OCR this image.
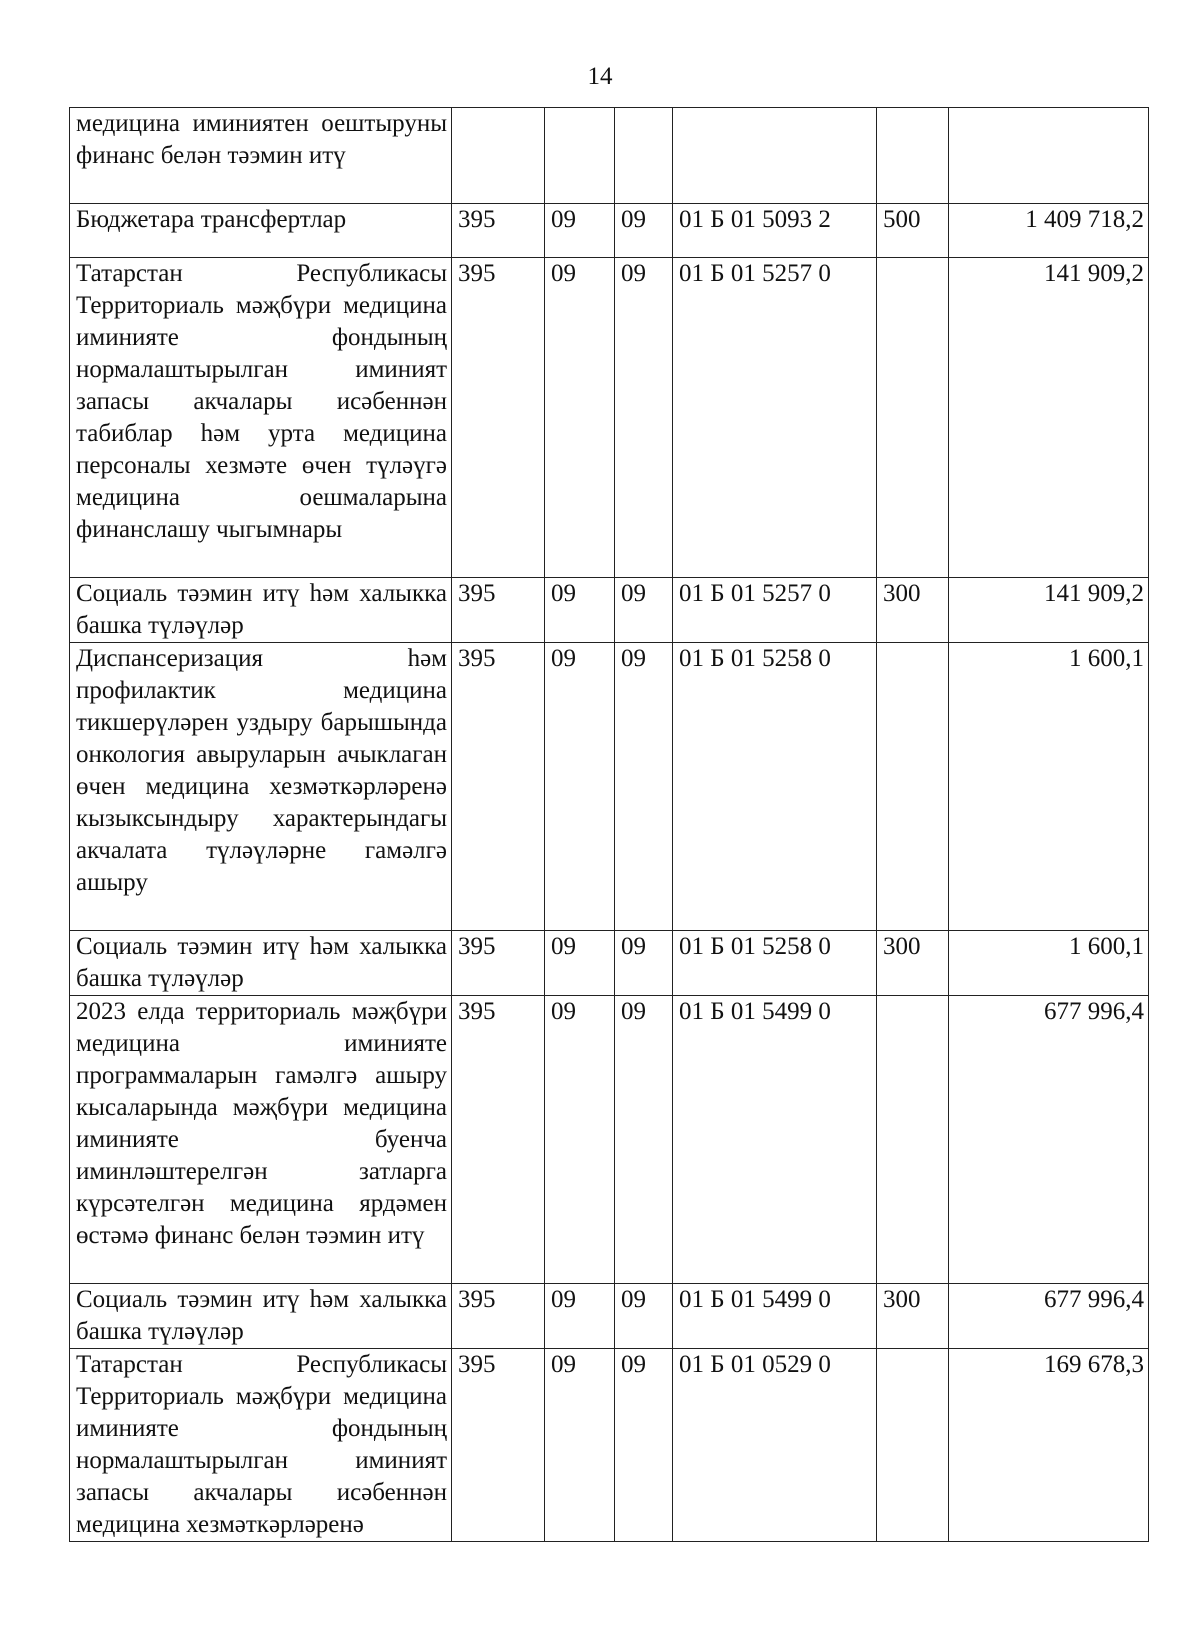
14
медицина иминиятен оештыруны финанс белән тәэмин итү						
Бюджетара трансфертлар	395	09	09	01 Б 01 5093 2	500	1 409 718,2
Татарстан Республикасы Территориаль мәҗбүри медицина иминияте фондының нормалаштырылган иминият запасы акчалары исәбеннән табиблар һәм урта медицина персоналы хезмәте өчен түләүгә медицина оешмаларына финанслашу чыгымнары	395	09	09	01 Б 01 5257 0		141 909,2
Социаль тәэмин итү һәм халыкка башка түләүләр	395	09	09	01 Б 01 5257 0	300	141 909,2
Диспансеризация һәм профилактик медицина тикшерүләрен уздыру барышында онкология авыруларын ачыклаган өчен медицина хезмәткәрләренә кызыксындыру характерындагы акчалата түләүләрне гамәлгә ашыру	395	09	09	01 Б 01 5258 0		1 600,1
Социаль тәэмин итү һәм халыкка башка түләүләр	395	09	09	01 Б 01 5258 0	300	1 600,1
2023 елда территориаль мәҗбүри медицина иминияте программаларын гамәлгә ашыру кысаларында мәҗбүри медицина иминияте буенча иминләштерелгән затларга күрсәтелгән медицина ярдәмен өстәмә финанс белән тәэмин итү	395	09	09	01 Б 01 5499 0		677 996,4
Социаль тәэмин итү һәм халыкка башка түләүләр	395	09	09	01 Б 01 5499 0	300	677 996,4
Татарстан Республикасы Территориаль мәҗбүри медицина иминияте фондының нормалаштырылган иминият запасы акчалары исәбеннән медицина хезмәткәрләренә	395	09	09	01 Б 01 0529 0		169 678,3
